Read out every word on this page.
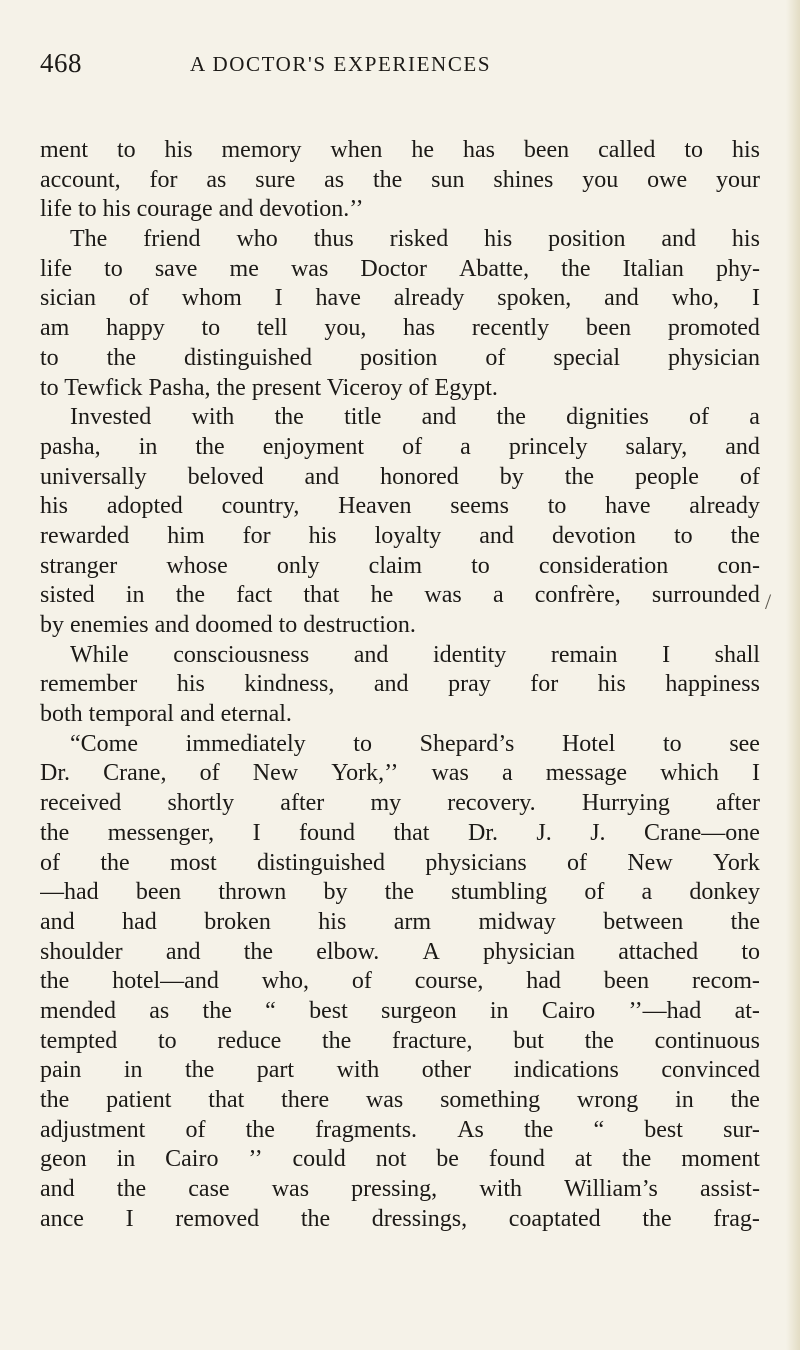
468	A DOCTOR'S EXPERIENCES
ment to his memory when he has been called to his
account, for as sure as the sun shines you owe your
life to his courage and devotion.’’
The friend who thus risked his position and his
life to save me was Doctor Abatte, the Italian phy-
sician of whom I have already spoken, and who, I
am happy to tell you, has recently been promoted
to the distinguished position of special physician
to Tewfick Pasha, the present Viceroy of Egypt.
Invested with the title and the dignities of a
pasha, in the enjoyment of a princely salary, and
universally beloved and honored by the people of
his adopted country, Heaven seems to have already
rewarded him for his loyalty and devotion to the
stranger whose only claim to consideration con-
sisted in the fact that he was a confrère, surrounded
by enemies and doomed to destruction.
While consciousness and identity remain I shall
remember his kindness, and pray for his happiness
both temporal and eternal.
“Come immediately to Shepard’s Hotel to see
Dr. Crane, of New York,’’ was a message which I
received shortly after my recovery. Hurrying after
the messenger, I found that Dr. J. J. Crane—one
of the most distinguished physicians of New York
—had been thrown by the stumbling of a donkey
and had broken his arm midway between the
shoulder and the elbow. A physician attached to
the hotel—and who, of course, had been recom-
mended as the “ best surgeon in Cairo ’’—had at-
tempted to reduce the fracture, but the continuous
pain in the part with other indications convinced
the patient that there was something wrong in the
adjustment of the fragments. As the “ best sur-
geon in Cairo ’’ could not be found at the moment
and the case was pressing, with William’s assist-
ance I removed the dressings, coaptated the frag-
/
